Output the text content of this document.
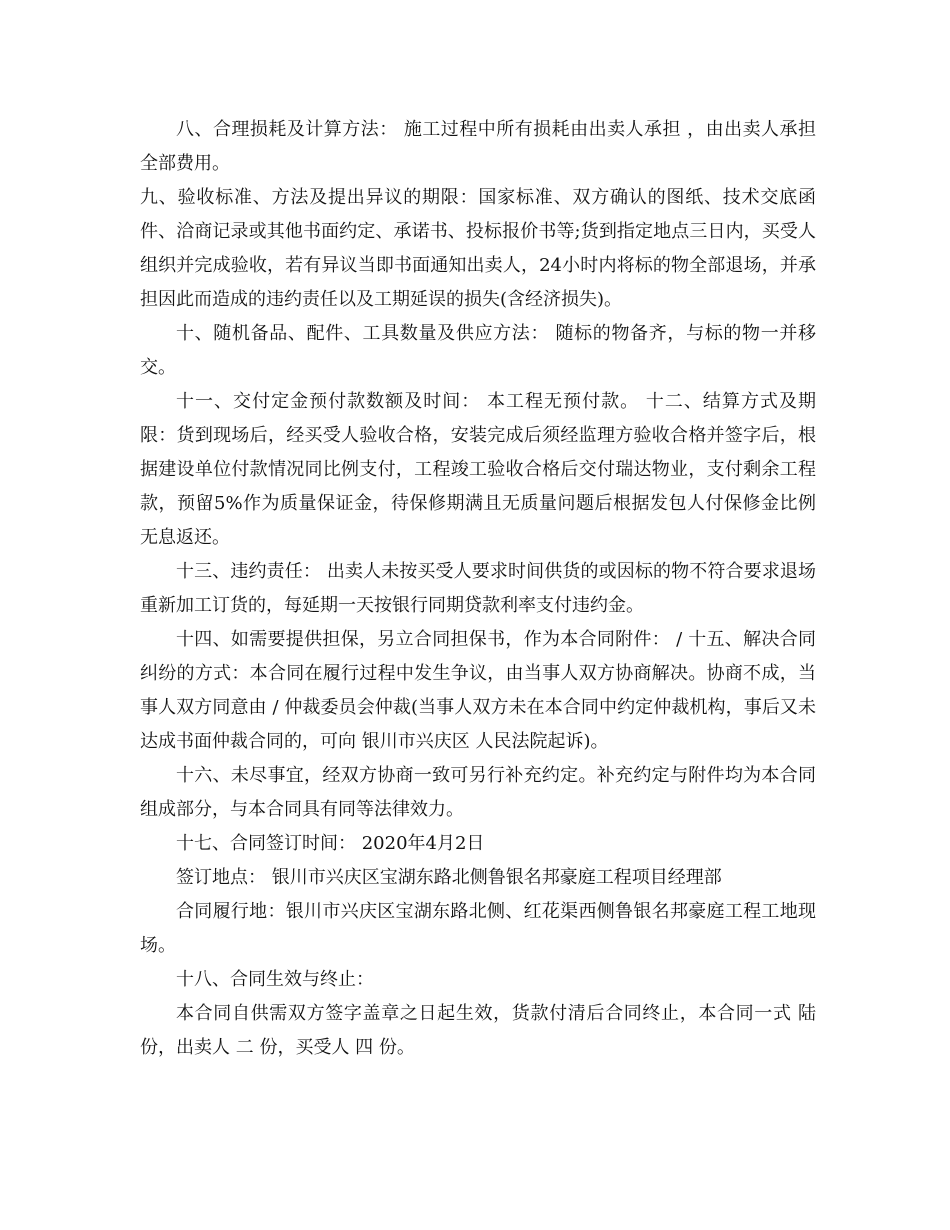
八、合理损耗及计算方法： 施工过程中所有损耗由出卖人承担 ，由出卖人承担全部费用。

九、验收标准、方法及提出异议的期限：国家标准、双方确认的图纸、技术交底函件、洽商记录或其他书面约定、承诺书、投标报价书等;货到指定地点三日内，买受人组织并完成验收，若有异议当即书面通知出卖人，24小时内将标的物全部退场，并承担因此而造成的违约责任以及工期延误的损失(含经济损失)。

十、随机备品、配件、工具数量及供应方法： 随标的物备齐，与标的物一并移交。

十一、交付定金预付款数额及时间： 本工程无预付款。 十二、结算方式及期限：货到现场后，经买受人验收合格，安装完成后须经监理方验收合格并签字后，根据建设单位付款情况同比例支付，工程竣工验收合格后交付瑞达物业，支付剩余工程款，预留5%作为质量保证金，待保修期满且无质量问题后根据发包人付保修金比例无息返还。

十三、违约责任： 出卖人未按买受人要求时间供货的或因标的物不符合要求退场重新加工订货的，每延期一天按银行同期贷款利率支付违约金。

十四、如需要提供担保，另立合同担保书，作为本合同附件： / 十五、解决合同纠纷的方式：本合同在履行过程中发生争议，由当事人双方协商解决。协商不成，当事人双方同意由 / 仲裁委员会仲裁(当事人双方未在本合同中约定仲裁机构，事后又未达成书面仲裁合同的，可向 银川市兴庆区 人民法院起诉)。

十六、未尽事宜，经双方协商一致可另行补充约定。补充约定与附件均为本合同组成部分，与本合同具有同等法律效力。

十七、合同签订时间： 2020年4月2日

签订地点： 银川市兴庆区宝湖东路北侧鲁银名邦豪庭工程项目经理部

合同履行地：银川市兴庆区宝湖东路北侧、红花渠西侧鲁银名邦豪庭工程工地现场。

十八、合同生效与终止：

本合同自供需双方签字盖章之日起生效，货款付清后合同终止，本合同一式 陆 份，出卖人 二 份，买受人 四 份。
